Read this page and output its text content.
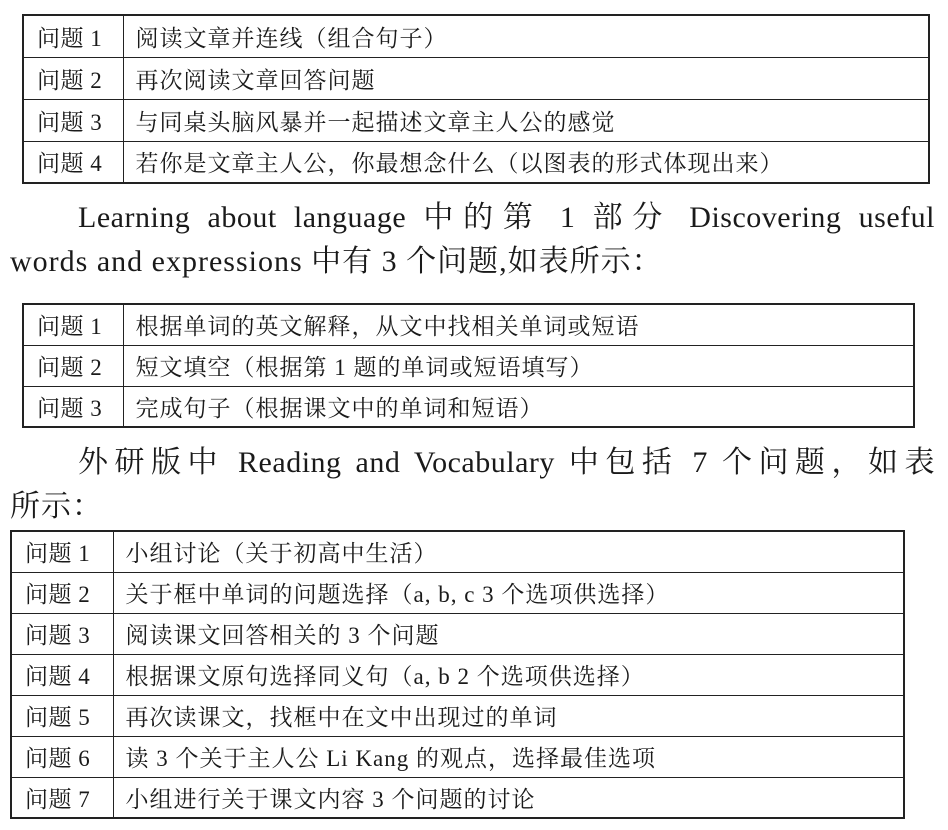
问题 1	阅读文章并连线（组合句子）
问题 2	再次阅读文章回答问题
问题 3	与同桌头脑风暴并一起描述文章主人公的感觉
问题 4	若你是文章主人公，你最想念什么（以图表的形式体现出来）
Learning about language 中的第 1 部分 Discovering useful
words and expressions 中有 3 个问题,如表所示：
问题 1	根据单词的英文解释，从文中找相关单词或短语
问题 2	短文填空（根据第 1 题的单词或短语填写）
问题 3	完成句子（根据课文中的单词和短语）
外研版中 Reading and Vocabulary 中包括 7 个问题，如表
所示：
问题 1	小组讨论（关于初高中生活）
问题 2	关于框中单词的问题选择（a, b, c 3 个选项供选择）
问题 3	阅读课文回答相关的 3 个问题
问题 4	根据课文原句选择同义句（a, b 2 个选项供选择）
问题 5	再次读课文，找框中在文中出现过的单词
问题 6	读 3 个关于主人公 Li Kang 的观点，选择最佳选项
问题 7	小组进行关于课文内容 3 个问题的讨论
